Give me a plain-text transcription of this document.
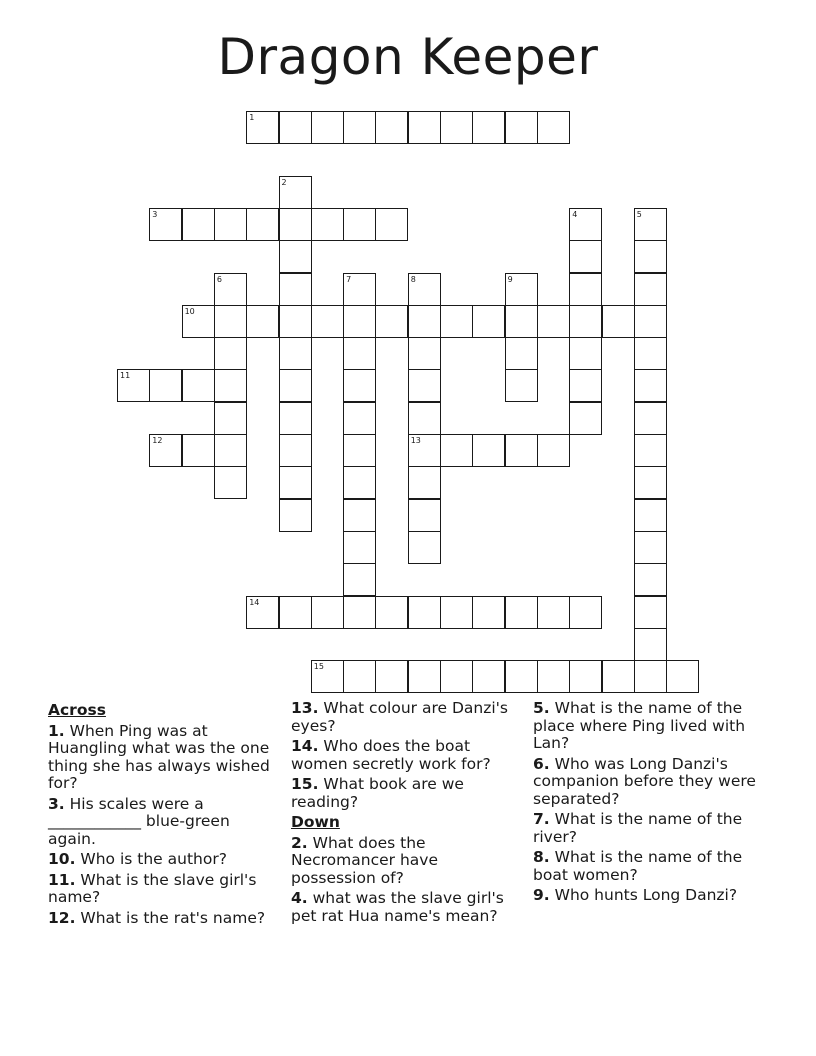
Dragon Keeper
1
2
3	4	5
6	7	8
13
9
10
11
12
14
15
Across
1. When Ping was at Huangling what was the one thing she has always wished for?
3. His scales were a ____________ blue-green again.
10. Who is the author?
11. What is the slave girl's name?
12. What is the rat's name?
13. What colour are Danzi's eyes?
14. Who does the boat women secretly work for?
15. What book are we reading?
Down
2. What does the Necromancer have possession of?
4. what was the slave girl's pet rat Hua name's mean?
5. What is the name of the place where Ping lived with Lan?
6. Who was Long Danzi's companion before they were separated?
7. What is the name of the river?
8. What is the name of the boat women?
9. Who hunts Long Danzi?
